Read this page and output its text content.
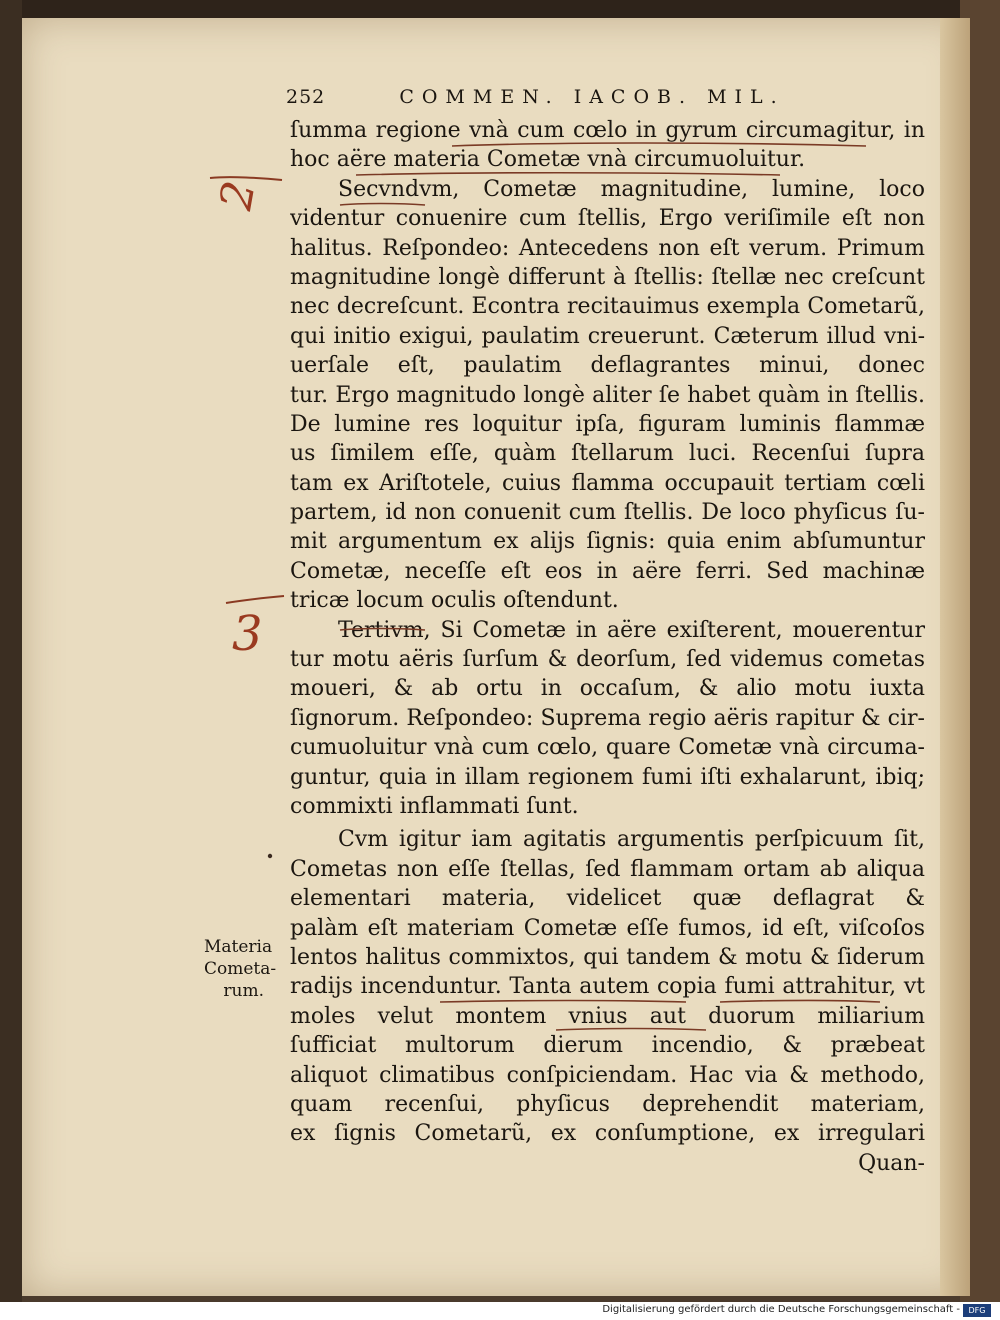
252	COMMEN. IACOB. MIL.
ſumma regione vnà cum cœlo in gyrum circumagitur, in
hoc aëre materia Cometæ vnà circumuoluitur.
Secvndvm, Cometæ magnitudine, lumine, loco
videntur conuenire cum ſtellis, Ergo veriſimile eſt non
halitus. Reſpondeo: Antecedens non eſt verum. Primum
magnitudine longè differunt à ſtellis: ſtellæ nec creſcunt
nec decreſcunt. Econtra recitauimus exempla Cometarũ,
qui initio exigui, paulatim creuerunt. Cæterum illud vni-
uerſale eſt, paulatim deflagrantes minui, donec
tur. Ergo magnitudo longè aliter ſe habet quàm in ſtellis.
De lumine res loquitur ipſa, figuram luminis flammæ
us ſimilem eſſe, quàm ſtellarum luci. Recenſui ſupra
tam ex Ariſtotele, cuius flamma occupauit tertiam cœli
partem, id non conuenit cum ſtellis. De loco phyſicus ſu-
mit argumentum ex alijs ſignis: quia enim abſumuntur
Cometæ, neceſſe eſt eos in aëre ferri. Sed machinæ
tricæ locum oculis oſtendunt.
Tertivm, Si Cometæ in aëre exiſterent, mouerentur
tur motu aëris ſurſum & deorſum, ſed videmus cometas
moueri, & ab ortu in occaſum, & alio motu iuxta
ſignorum. Reſpondeo: Suprema regio aëris rapitur & cir-
cumuoluitur vnà cum cœlo, quare Cometæ vnà circuma-
guntur, quia in illam regionem fumi iſti exhalarunt, ibiq;
commixti inflammati ſunt.
Cvm igitur iam agitatis argumentis perſpicuum ſit,
Cometas non eſſe ſtellas, ſed flammam ortam ab aliqua
elementari materia, videlicet quæ deflagrat &
palàm eſt materiam Cometæ eſſe fumos, id eſt, viſcoſos
lentos halitus commixtos, qui tandem & motu & ſiderum
radijs incenduntur. Tanta autem copia fumi attrahitur, vt
moles velut montem vnius aut duorum miliarium
ſufficiat multorum dierum incendio, & præbeat
aliquot climatibus conſpiciendam. Hac via & methodo,
quam recenſui, phyſicus deprehendit materiam,
ex ſignis Cometarũ, ex conſumptione, ex irregulari
Quan-
Materia
Cometa-
rum.
2
3
Digitalisierung gefördert durch die Deutsche Forschungsgemeinschaft -	DFG
